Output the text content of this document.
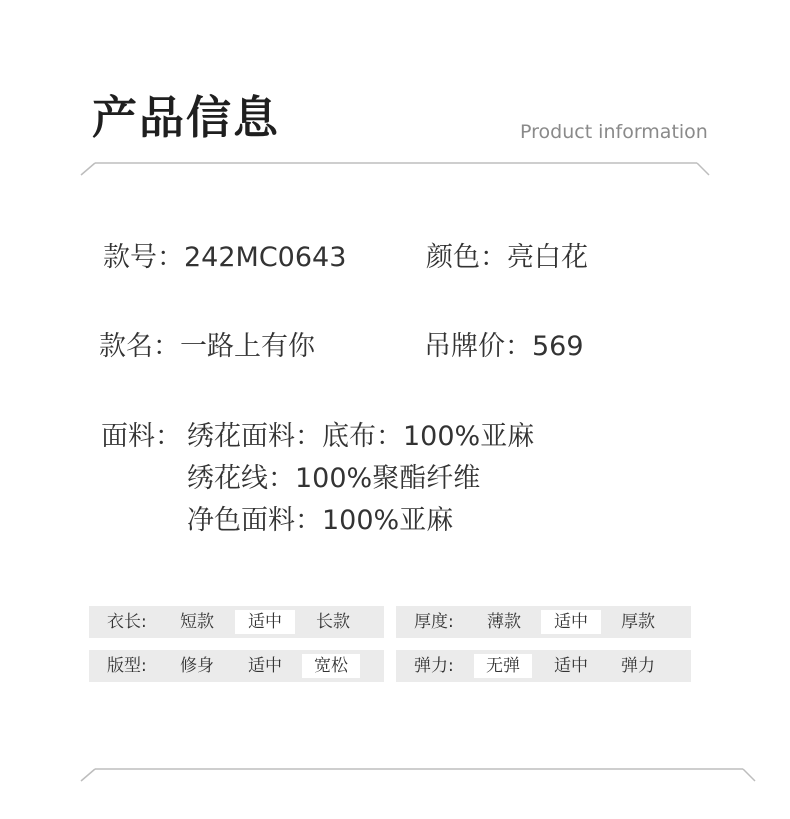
产品信息	Product information
款号：242MC0643	颜色：亮白花
款名：一路上有你	吊牌价：569
面料： 绣花面料：底布：100%亚麻
绣花线：100%聚酯纤维
净色面料：100%亚麻
衣长:	短款	适中	长款	厚度:	薄款	适中	厚款
版型:	修身	适中	宽松	弹力:	无弹	适中	弹力
